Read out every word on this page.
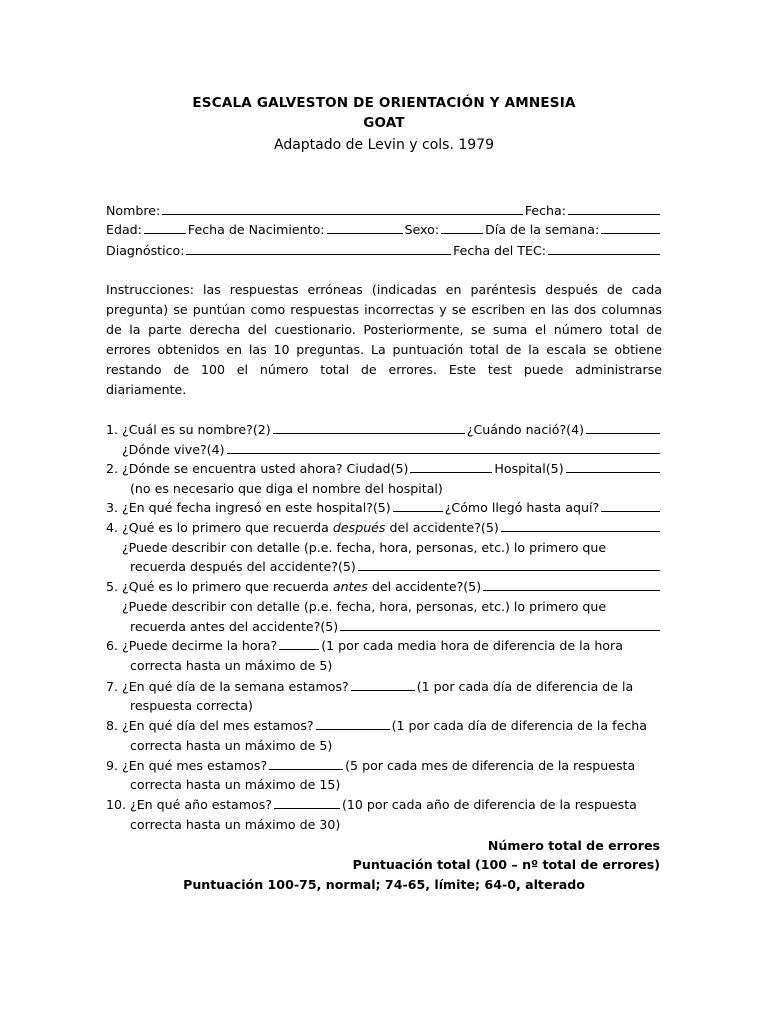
ESCALA GALVESTON DE ORIENTACIÓN Y AMNESIA
GOAT
Adaptado de Levin y cols. 1979
Nombre:	Fecha:
Edad:	Fecha de Nacimiento:	Sexo:	Día de la semana:
Diagnóstico:	Fecha del TEC:
Instrucciones: las respuestas erróneas (indicadas en paréntesis después de cada
pregunta) se puntúan como respuestas incorrectas y se escriben en las dos columnas
de la parte derecha del cuestionario. Posteriormente, se suma el número total de
errores obtenidos en las 10 preguntas. La puntuación total de la escala se obtiene
restando de 100 el número total de errores. Este test puede administrarse
diariamente.
1. ¿Cuál es su nombre?(2)	¿Cuándo nació?(4)
¿Dónde vive?(4)
2. ¿Dónde se encuentra usted ahora? Ciudad(5)	Hospital(5)
(no es necesario que diga el nombre del hospital)
3. ¿En qué fecha ingresó en este hospital?(5)	¿Cómo llegó hasta aquí?
4. ¿Qué es lo primero que recuerda
después
del accidente?(5)
¿Puede describir con detalle (p.e. fecha, hora, personas, etc.) lo primero que
recuerda después del accidente?(5)
5. ¿Qué es lo primero que recuerda
antes
del accidente?(5)
¿Puede describir con detalle (p.e. fecha, hora, personas, etc.) lo primero que
recuerda antes del accidente?(5)
6. ¿Puede decirme la hora?	(1 por cada media hora de diferencia de la hora
correcta hasta un máximo de 5)
7. ¿En qué día de la semana estamos?	(1 por cada día de diferencia de la
respuesta correcta)
8. ¿En qué día del mes estamos?	(1 por cada día de diferencia de la fecha
correcta hasta un máximo de 5)
9. ¿En qué mes estamos?	(5 por cada mes de diferencia de la respuesta
correcta hasta un máximo de 15)
10. ¿En qué año estamos?	(10 por cada año de diferencia de la respuesta
correcta hasta un máximo de 30)
Número total de errores
Puntuación total (100 – nº total de errores)
Puntuación 100-75, normal; 74-65, límite; 64-0, alterado
